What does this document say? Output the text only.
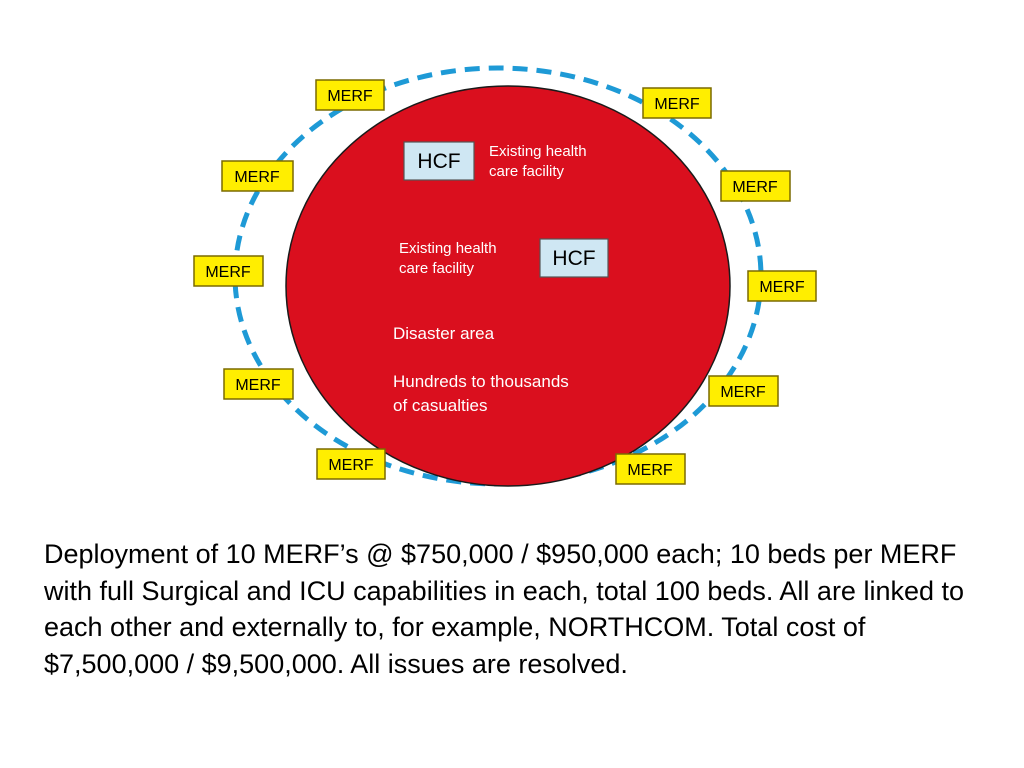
HCF Existing health
care facility
Existing health
care facility	HCF
Disaster area
Hundreds to thousands
of casualties
MERF	MERF
MERF
MERF
MERF
MERF
MERF	MERF
MERF	MERF
Deployment of 10 MERF’s @ $750,000 / $950,000 each; 10 beds per MERF with full Surgical and ICU capabilities in each, total 100 beds. All are linked to each other and externally to, for example, NORTHCOM. Total cost of $7,500,000 / $9,500,000. All issues are resolved.
